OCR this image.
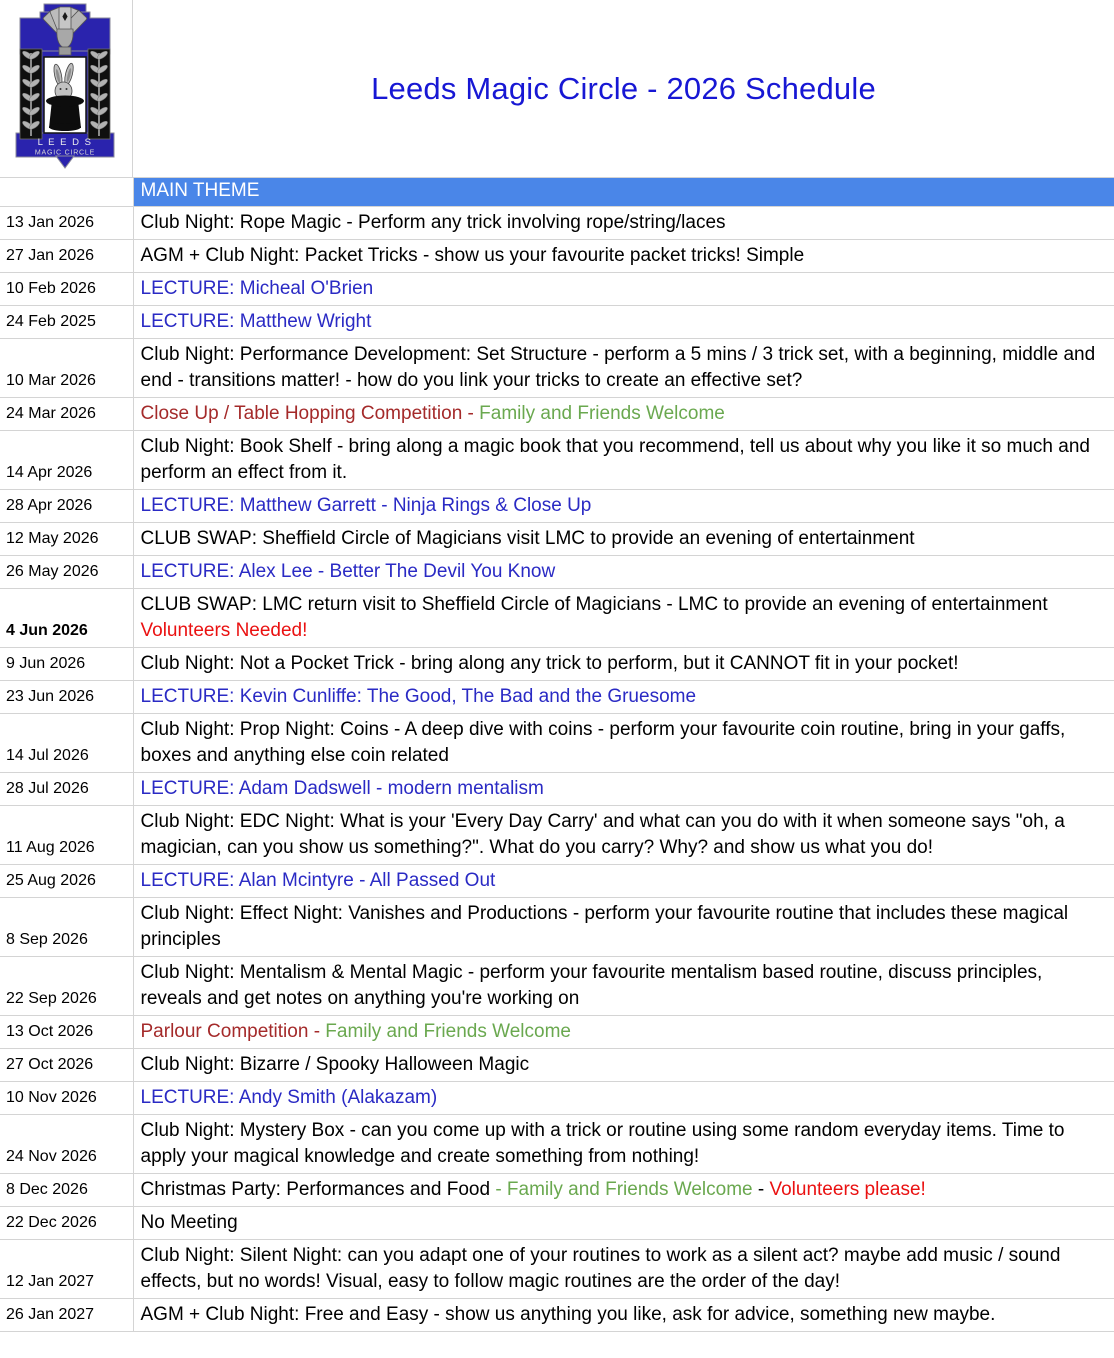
L E E D S
MAGIC CIRCLE
Leeds Magic Circle - 2026 Schedule
	MAIN THEME
13 Jan 2026	Club Night: Rope Magic - Perform any trick involving rope/string/laces
27 Jan 2026	AGM + Club Night: Packet Tricks - show us your favourite packet tricks! Simple
10 Feb 2026	LECTURE: Micheal O'Brien
24 Feb 2025	LECTURE: Matthew Wright
10 Mar 2026	Club Night: Performance Development: Set Structure - perform a 5 mins / 3 trick set, with a beginning, middle and end - transitions matter! - how do you link your tricks to create an effective set?
24 Mar 2026	Close Up / Table Hopping Competition - Family and Friends Welcome
14 Apr 2026	Club Night: Book Shelf - bring along a magic book that you recommend, tell us about why you like it so much and perform an effect from it.
28 Apr 2026	LECTURE: Matthew Garrett - Ninja Rings & Close Up
12 May 2026	CLUB SWAP: Sheffield Circle of Magicians visit LMC to provide an evening of entertainment
26 May 2026	LECTURE: Alex Lee - Better The Devil You Know
4 Jun 2026	CLUB SWAP: LMC return visit to Sheffield Circle of Magicians - LMC to provide an evening of entertainment Volunteers Needed!
9 Jun 2026	Club Night: Not a Pocket Trick - bring along any trick to perform, but it CANNOT fit in your pocket!
23 Jun 2026	LECTURE: Kevin Cunliffe: The Good, The Bad and the Gruesome
14 Jul 2026	Club Night: Prop Night: Coins - A deep dive with coins - perform your favourite coin routine, bring in your gaffs, boxes and anything else coin related
28 Jul 2026	LECTURE: Adam Dadswell - modern mentalism
11 Aug 2026	Club Night: EDC Night: What is your 'Every Day Carry' and what can you do with it when someone says "oh, a magician, can you show us something?". What do you carry? Why? and show us what you do!
25 Aug 2026	LECTURE: Alan Mcintyre - All Passed Out
8 Sep 2026	Club Night: Effect Night: Vanishes and Productions - perform your favourite routine that includes these magical principles
22 Sep 2026	Club Night: Mentalism & Mental Magic - perform your favourite mentalism based routine, discuss principles, reveals and get notes on anything you're working on
13 Oct 2026	Parlour Competition - Family and Friends Welcome
27 Oct 2026	Club Night: Bizarre / Spooky Halloween Magic
10 Nov 2026	LECTURE: Andy Smith (Alakazam)
24 Nov 2026	Club Night: Mystery Box - can you come up with a trick or routine using some random everyday items. Time to apply your magical knowledge and create something from nothing!
8 Dec 2026	Christmas Party: Performances and Food - Family and Friends Welcome - Volunteers please!
22 Dec 2026	No Meeting
12 Jan 2027	Club Night: Silent Night: can you adapt one of your routines to work as a silent act? maybe add music / sound effects, but no words! Visual, easy to follow magic routines are the order of the day!
26 Jan 2027	AGM + Club Night: Free and Easy - show us anything you like, ask for advice, something new maybe.
